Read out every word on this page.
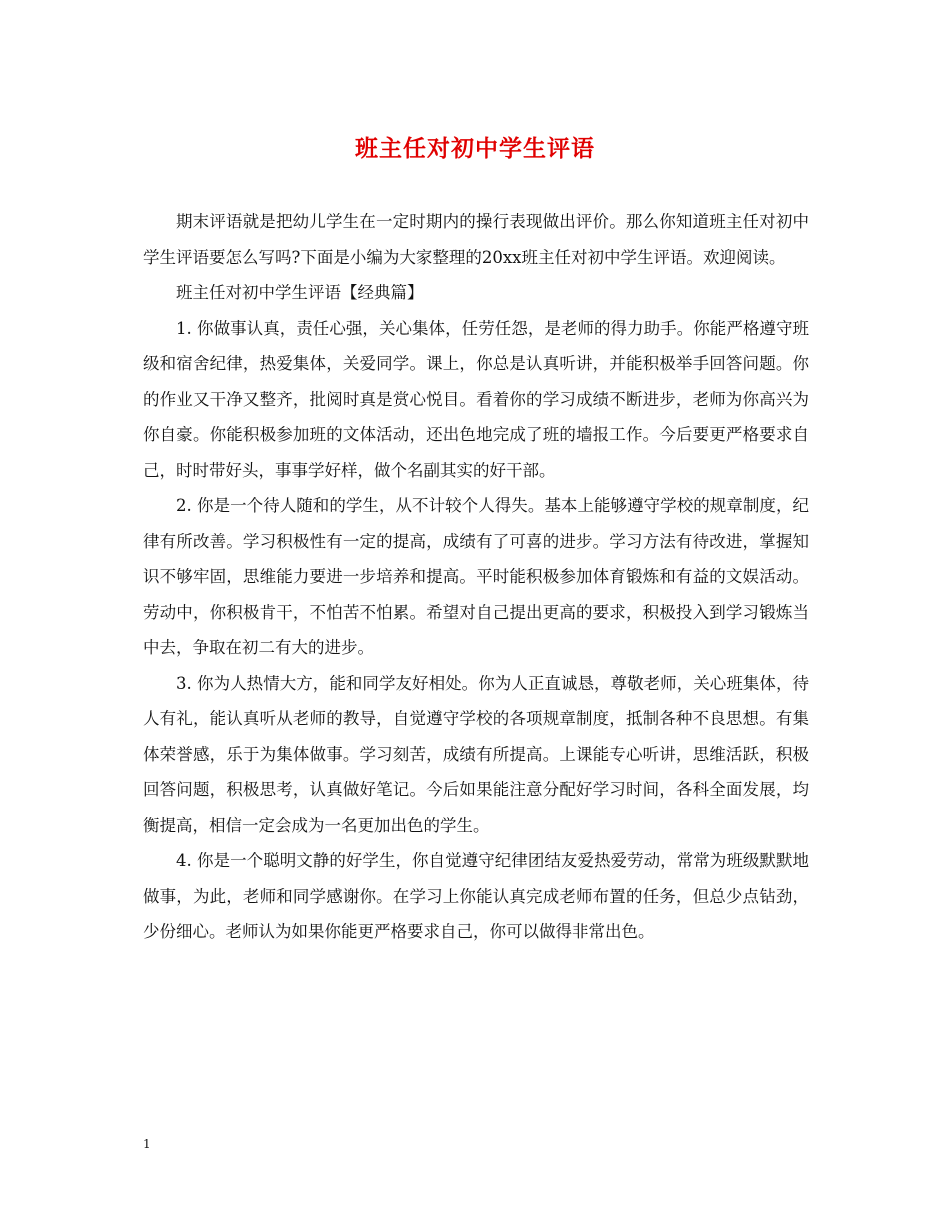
班主任对初中学生评语

期末评语就是把幼儿学生在一定时期内的操行表现做出评价。那么你知道班主任对初中学生评语要怎么写吗?下面是小编为大家整理的20xx班主任对初中学生评语。欢迎阅读。

班主任对初中学生评语【经典篇】

1. 你做事认真，责任心强，关心集体，任劳任怨，是老师的得力助手。你能严格遵守班级和宿舍纪律，热爱集体，关爱同学。课上，你总是认真听讲，并能积极举手回答问题。你的作业又干净又整齐，批阅时真是赏心悦目。看着你的学习成绩不断进步，老师为你高兴为你自豪。你能积极参加班的文体活动，还出色地完成了班的墙报工作。今后要更严格要求自己，时时带好头，事事学好样，做个名副其实的好干部。

2. 你是一个待人随和的学生，从不计较个人得失。基本上能够遵守学校的规章制度，纪律有所改善。学习积极性有一定的提高，成绩有了可喜的进步。学习方法有待改进，掌握知识不够牢固，思维能力要进一步培养和提高。平时能积极参加体育锻炼和有益的文娱活动。劳动中，你积极肯干，不怕苦不怕累。希望对自己提出更高的要求，积极投入到学习锻炼当中去，争取在初二有大的进步。

3. 你为人热情大方，能和同学友好相处。你为人正直诚恳，尊敬老师，关心班集体，待人有礼，能认真听从老师的教导，自觉遵守学校的各项规章制度，抵制各种不良思想。有集体荣誉感，乐于为集体做事。学习刻苦，成绩有所提高。上课能专心听讲，思维活跃，积极回答问题，积极思考，认真做好笔记。今后如果能注意分配好学习时间，各科全面发展，均衡提高，相信一定会成为一名更加出色的学生。

4. 你是一个聪明文静的好学生，你自觉遵守纪律团结友爱热爱劳动，常常为班级默默地做事，为此，老师和同学感谢你。在学习上你能认真完成老师布置的任务，但总少点钻劲，少份细心。老师认为如果你能更严格要求自己，你可以做得非常出色。

1
